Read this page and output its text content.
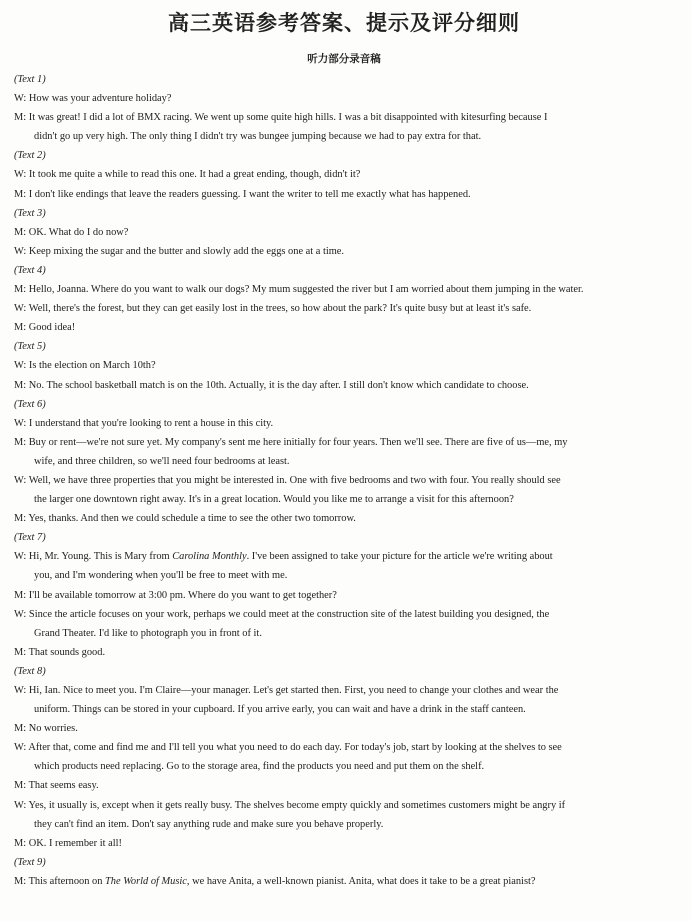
高三英语参考答案、提示及评分细则
听力部分录音稿
(Text 1)
W: How was your adventure holiday?
M: It was great! I did a lot of BMX racing. We went up some quite high hills. I was a bit disappointed with kitesurfing because I
didn't go up very high. The only thing I didn't try was bungee jumping because we had to pay extra for that.
(Text 2)
W: It took me quite a while to read this one. It had a great ending, though, didn't it?
M: I don't like endings that leave the readers guessing. I want the writer to tell me exactly what has happened.
(Text 3)
M: OK. What do I do now?
W: Keep mixing the sugar and the butter and slowly add the eggs one at a time.
(Text 4)
M: Hello, Joanna. Where do you want to walk our dogs? My mum suggested the river but I am worried about them jumping in the water.
W: Well, there's the forest, but they can get easily lost in the trees, so how about the park? It's quite busy but at least it's safe.
M: Good idea!
(Text 5)
W: Is the election on March 10th?
M: No. The school basketball match is on the 10th. Actually, it is the day after. I still don't know which candidate to choose.
(Text 6)
W: I understand that you're looking to rent a house in this city.
M: Buy or rent—we're not sure yet. My company's sent me here initially for four years. Then we'll see. There are five of us—me, my
wife, and three children, so we'll need four bedrooms at least.
W: Well, we have three properties that you might be interested in. One with five bedrooms and two with four. You really should see
the larger one downtown right away. It's in a great location. Would you like me to arrange a visit for this afternoon?
M: Yes, thanks. And then we could schedule a time to see the other two tomorrow.
(Text 7)
W: Hi, Mr. Young. This is Mary from Carolina Monthly. I've been assigned to take your picture for the article we're writing about
you, and I'm wondering when you'll be free to meet with me.
M: I'll be available tomorrow at 3:00 pm. Where do you want to get together?
W: Since the article focuses on your work, perhaps we could meet at the construction site of the latest building you designed, the
Grand Theater. I'd like to photograph you in front of it.
M: That sounds good.
(Text 8)
W: Hi, Ian. Nice to meet you. I'm Claire—your manager. Let's get started then. First, you need to change your clothes and wear the
uniform. Things can be stored in your cupboard. If you arrive early, you can wait and have a drink in the staff canteen.
M: No worries.
W: After that, come and find me and I'll tell you what you need to do each day. For today's job, start by looking at the shelves to see
which products need replacing. Go to the storage area, find the products you need and put them on the shelf.
M: That seems easy.
W: Yes, it usually is, except when it gets really busy. The shelves become empty quickly and sometimes customers might be angry if
they can't find an item. Don't say anything rude and make sure you behave properly.
M: OK. I remember it all!
(Text 9)
M: This afternoon on The World of Music, we have Anita, a well-known pianist. Anita, what does it take to be a great pianist?
